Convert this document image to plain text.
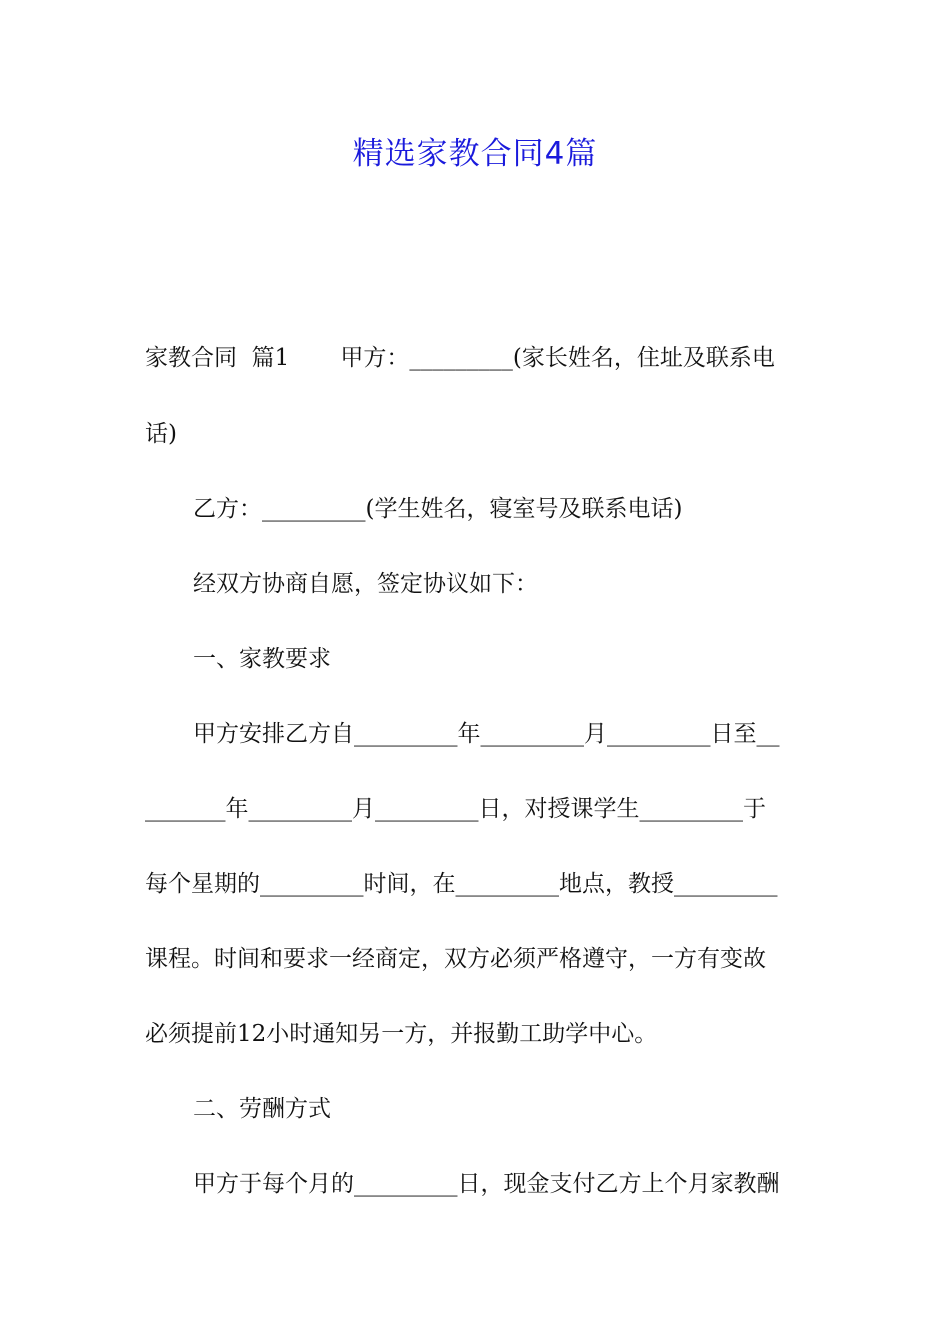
精选家教合同4篇

家教合同  篇1       甲方：_________(家长姓名，住址及联系电

话)

乙方：_________(学生姓名，寝室号及联系电话)

经双方协商自愿，签定协议如下：

一、家教要求

甲方安排乙方自_________年_________月_________日至__

_______年_________月_________日，对授课学生_________于

每个星期的_________时间，在_________地点，教授_________

课程。时间和要求一经商定，双方必须严格遵守，一方有变故

必须提前12小时通知另一方，并报勤工助学中心。

二、劳酬方式

甲方于每个月的_________日，现金支付乙方上个月家教酬
